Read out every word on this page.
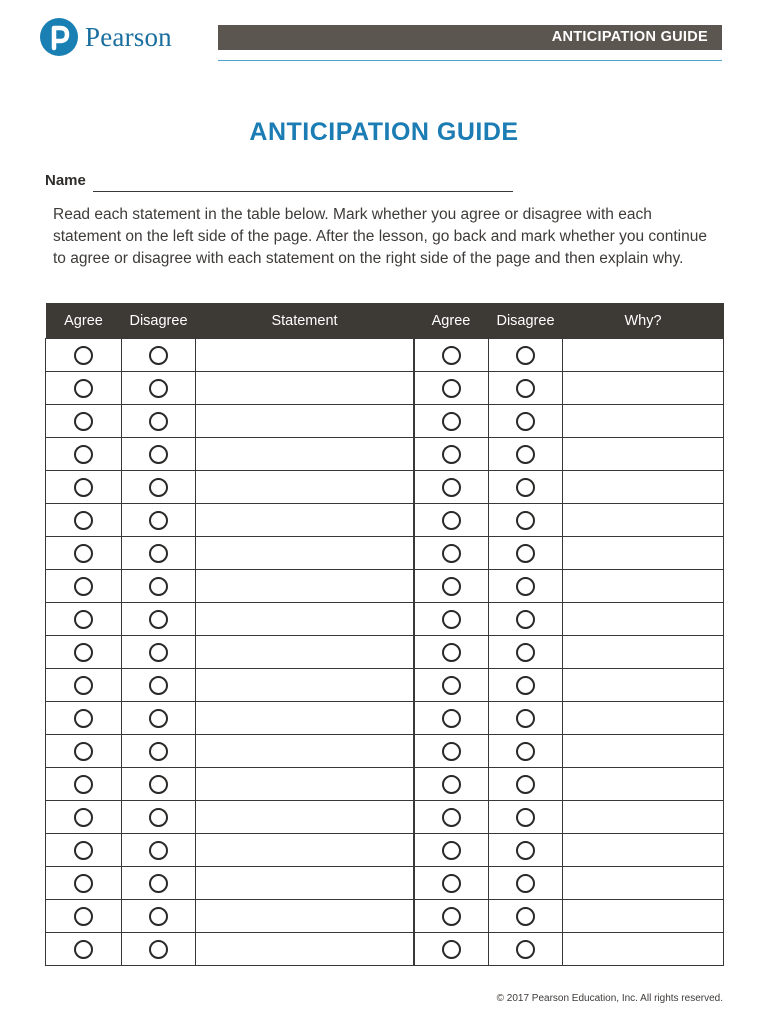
Pearson	ANTICIPATION GUIDE
ANTICIPATION GUIDE
Name

Read each statement in the table below. Mark whether you agree or disagree with each statement on the left side of the page. After the lesson, go back and mark whether you continue to agree or disagree with each statement on the right side of the page and then explain why.

Agree	Disagree	Statement	Agree	Disagree	Why?

© 2017 Pearson Education, Inc. All rights reserved.
